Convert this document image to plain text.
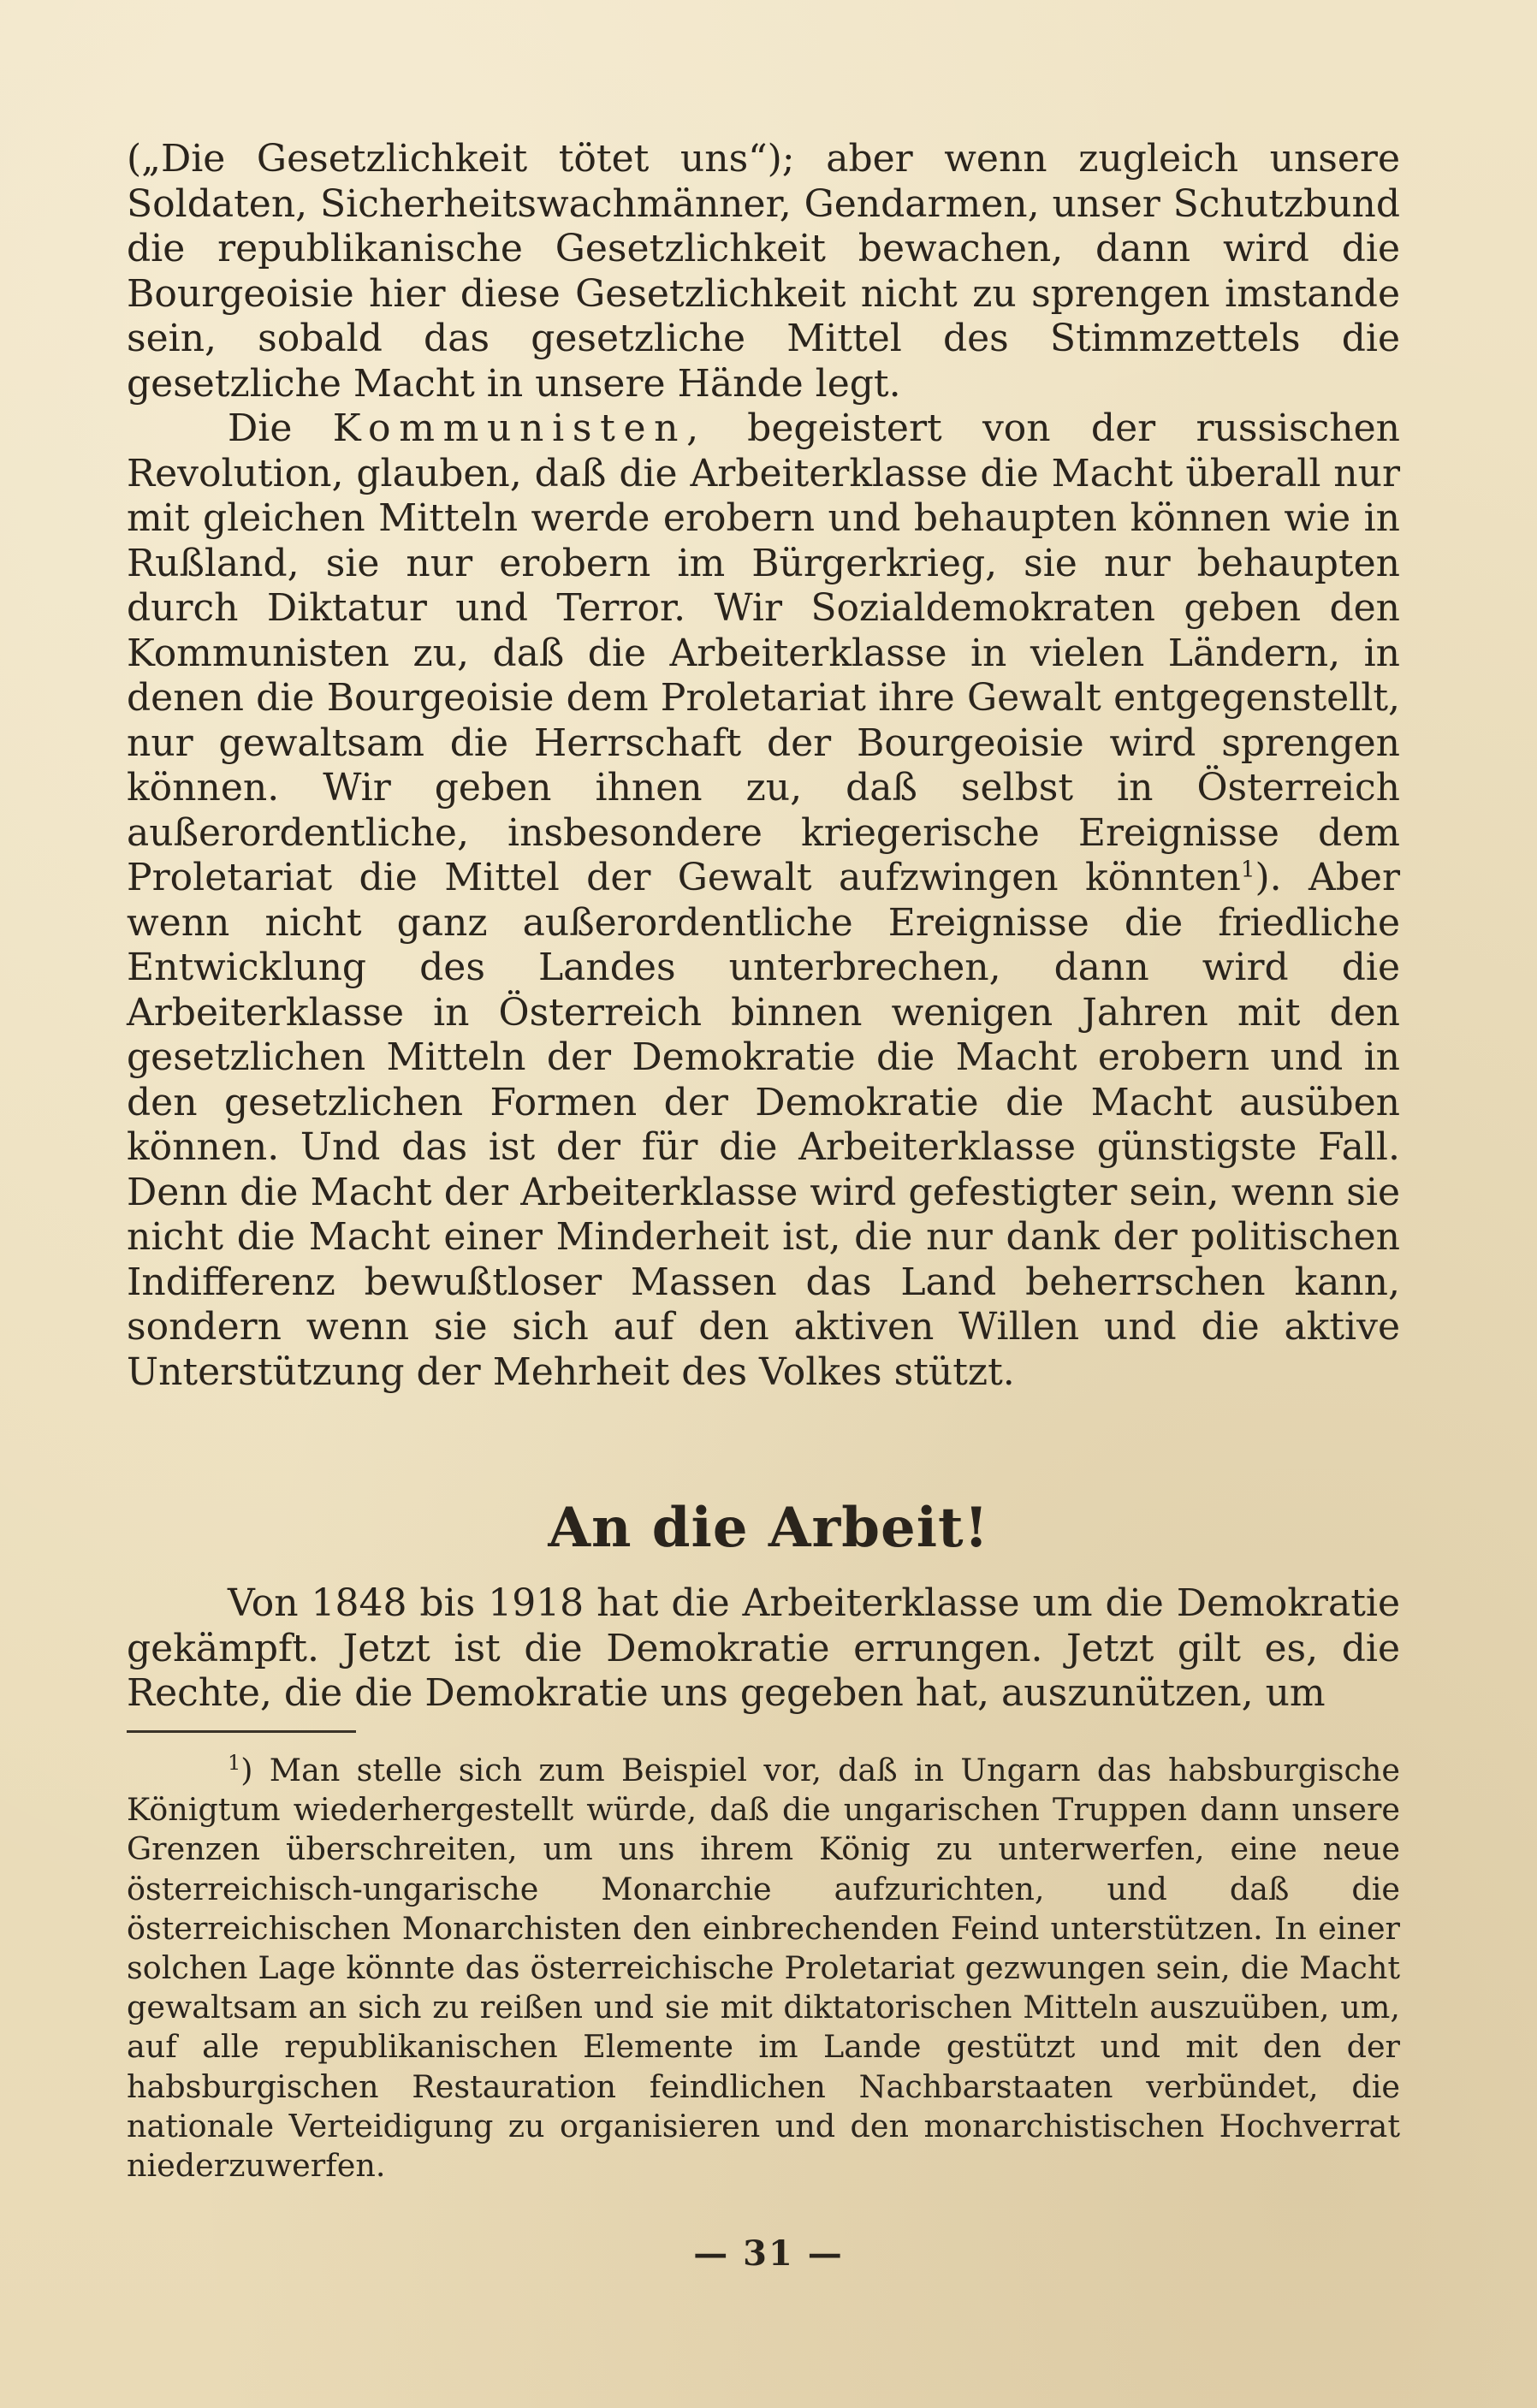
(„Die Gesetzlichkeit tötet uns“); aber wenn zugleich unsere Soldaten, Sicherheitswachmänner, Gendarmen, unser Schutzbund die republikanische Gesetzlichkeit bewachen, dann wird die Bourgeoisie hier diese Gesetzlichkeit nicht zu sprengen imstande sein, sobald das gesetzliche Mittel des Stimmzettels die gesetzliche Macht in unsere Hände legt.

Die Kommunisten, begeistert von der russischen Revolution, glauben, daß die Arbeiterklasse die Macht überall nur mit gleichen Mitteln werde erobern und behaupten können wie in Rußland, sie nur erobern im Bürgerkrieg, sie nur behaupten durch Diktatur und Terror. Wir Sozialdemokraten geben den Kommunisten zu, daß die Arbeiterklasse in vielen Ländern, in denen die Bourgeoisie dem Proletariat ihre Gewalt entgegenstellt, nur gewaltsam die Herrschaft der Bourgeoisie wird sprengen können. Wir geben ihnen zu, daß selbst in Österreich außerordentliche, insbesondere kriegerische Ereignisse dem Proletariat die Mittel der Gewalt aufzwingen könnten$^1$). Aber wenn nicht ganz außerordentliche Ereignisse die friedliche Entwicklung des Landes unterbrechen, dann wird die Arbeiterklasse in Österreich binnen wenigen Jahren mit den gesetzlichen Mitteln der Demokratie die Macht erobern und in den gesetzlichen Formen der Demokratie die Macht ausüben können. Und das ist der für die Arbeiterklasse günstigste Fall. Denn die Macht der Arbeiterklasse wird gefestigter sein, wenn sie nicht die Macht einer Minderheit ist, die nur dank der politischen Indifferenz bewußtloser Massen das Land beherrschen kann, sondern wenn sie sich auf den aktiven Willen und die aktive Unterstützung der Mehrheit des Volkes stützt.

An die Arbeit!

Von 1848 bis 1918 hat die Arbeiterklasse um die Demokratie gekämpft. Jetzt ist die Demokratie errungen. Jetzt gilt es, die Rechte, die die Demokratie uns gegeben hat, auszunützen, um

$^1$) Man stelle sich zum Beispiel vor, daß in Ungarn das habsburgische Königtum wiederhergestellt würde, daß die ungarischen Truppen dann unsere Grenzen überschreiten, um uns ihrem König zu unterwerfen, eine neue österreichisch-ungarische Monarchie aufzurichten, und daß die österreichischen Monarchisten den einbrechenden Feind unterstützen. In einer solchen Lage könnte das österreichische Proletariat gezwungen sein, die Macht gewaltsam an sich zu reißen und sie mit diktatorischen Mitteln auszuüben, um, auf alle republikanischen Elemente im Lande gestützt und mit den der habsburgischen Restauration feindlichen Nachbarstaaten verbündet, die nationale Verteidigung zu organisieren und den monarchistischen Hochverrat niederzuwerfen.

— 31 —
